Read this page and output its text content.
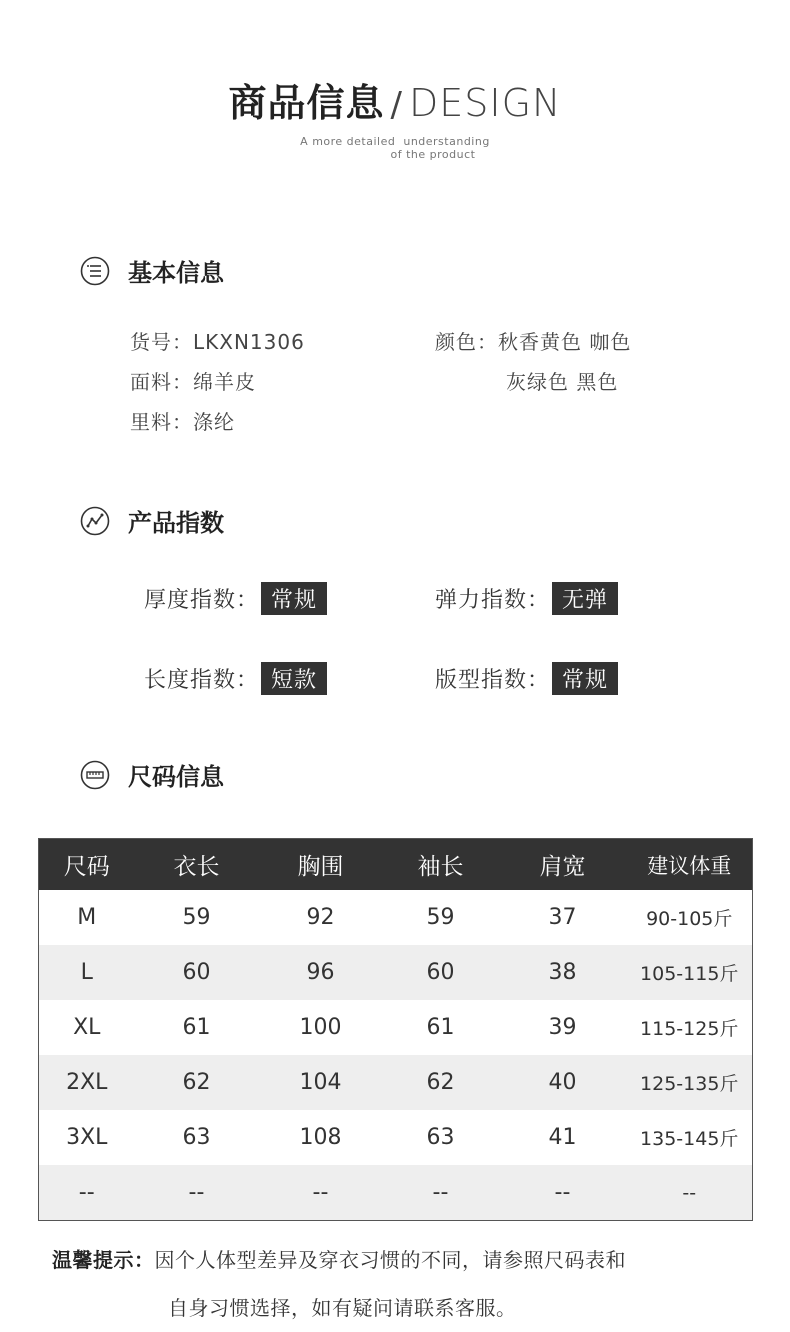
商品信息 / DESIGN
A more detailed  understanding
of the product
基本信息
货号：LKXN1306
面料：绵羊皮
里料：涤纶
颜色：秋香黄色 咖色
灰绿色 黑色
产品指数
厚度指数： 常规	弹力指数： 无弹
长度指数： 短款	版型指数： 常规
尺码信息
尺码	衣长	胸围	袖长	肩宽	建议体重
M	59	92	59	37	90-105斤
L	60	96	60	38	105-115斤
XL	61	100	61	39	115-125斤
2XL	62	104	62	40	125-135斤
3XL	63	108	63	41	135-145斤
--	--	--	--	--	--
温馨提示：因个人体型差异及穿衣习惯的不同，请参照尺码表和
自身习惯选择，如有疑问请联系客服。
